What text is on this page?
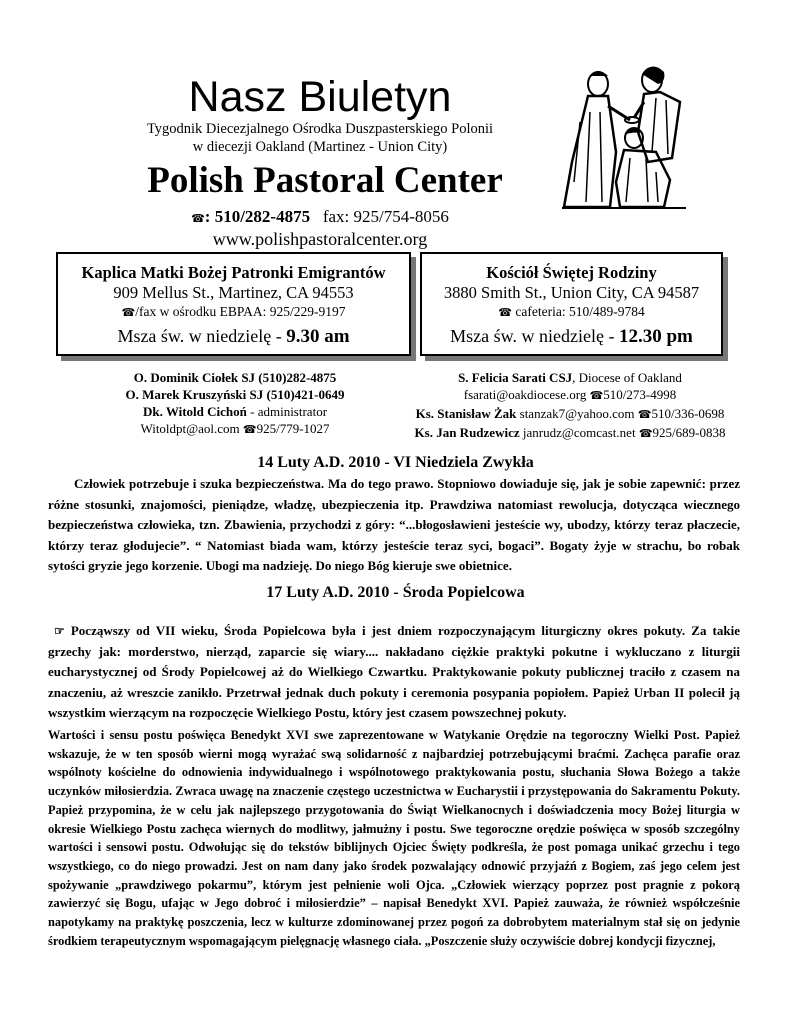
Nasz Biuletyn
Tygodnik Diecezjalnego Ośrodka Duszpasterskiego Polonii
w diecezji Oakland (Martinez - Union City)
Polish Pastoral Center
☎: 510/282-4875 fax: 925/754-8056
www.polishpastoralcenter.org
Kaplica Matki Bożej Patronki Emigrantów
909 Mellus St., Martinez, CA 94553
☎/fax w ośrodku EBPAA: 925/229-9197
Msza św. w niedzielę - 9.30 am
Kościół Świętej Rodziny
3880 Smith St., Union City, CA 94587
☎ cafeteria: 510/489-9784
Msza św. w niedzielę - 12.30 pm
O. Dominik Ciołek SJ (510)282-4875
O. Marek Kruszyński SJ (510)421-0649
Dk. Witold Cichoń - administrator
Witoldpt@aol.com ☎925/779-1027
S. Felicia Sarati CSJ, Diocese of Oakland
fsarati@oakdiocese.org ☎510/273-4998
Ks. Stanisław Żak stanzak7@yahoo.com ☎510/336-0698
Ks. Jan Rudzewicz janrudz@comcast.net ☎925/689-0838
14 Luty A.D. 2010 - VI Niedziela Zwykła
Człowiek potrzebuje i szuka bezpieczeństwa. Ma do tego prawo. Stopniowo dowiaduje się, jak je sobie zapewnić: przez różne stosunki, znajomości, pieniądze, władzę, ubezpieczenia itp. Prawdziwa natomiast rewolucja, dotycząca wiecznego bezpieczeństwa człowieka, tzn. Zbawienia, przychodzi z góry: “...błogosławieni jesteście wy, ubodzy, którzy teraz płaczecie, którzy teraz głodujecie”. “ Natomiast biada wam, którzy jesteście teraz syci, bogaci”. Bogaty żyje w strachu, bo robak sytości gryzie jego korzenie. Ubogi ma nadzieję. Do niego Bóg kieruje swe obietnice.
17 Luty A.D. 2010 - Środa Popielcowa
☞ Począwszy od VII wieku, Środa Popielcowa była i jest dniem rozpoczynającym liturgiczny okres pokuty. Za takie grzechy jak: morderstwo, nierząd, zaparcie się wiary.... nakładano ciężkie praktyki pokutne i wykluczano z liturgii eucharystycznej od Środy Popielcowej aż do Wielkiego Czwartku. Praktykowanie pokuty publicznej traciło z czasem na znaczeniu, aż wreszcie zanikło. Przetrwał jednak duch pokuty i ceremonia posypania popiołem. Papież Urban II polecił ją wszystkim wierzącym na rozpoczęcie Wielkiego Postu, który jest czasem powszechnej pokuty.
Wartości i sensu postu poświęca Benedykt XVI swe zaprezentowane w Watykanie Orędzie na tegoroczny Wielki Post. Papież wskazuje, że w ten sposób wierni mogą wyrażać swą solidarność z najbardziej potrzebującymi braćmi. Zachęca parafie oraz wspólnoty kościelne do odnowienia indywidualnego i wspólnotowego praktykowania postu, słuchania Słowa Bożego a także uczynków miłosierdzia. Zwraca uwagę na znaczenie częstego uczestnictwa w Eucharystii i przystępowania do Sakramentu Pokuty. Papież przypomina, że w celu jak najlepszego przygotowania do Świąt Wielkanocnych i doświadczenia mocy Bożej liturgia w okresie Wielkiego Postu zachęca wiernych do modlitwy, jałmużny i postu. Swe tegoroczne orędzie poświęca w sposób szczególny wartości i sensowi postu. Odwołując się do tekstów biblijnych Ojciec Święty podkreśla, że post pomaga unikać grzechu i tego wszystkiego, co do niego prowadzi. Jest on nam dany jako środek pozwalający odnowić przyjaźń z Bogiem, zaś jego celem jest spożywanie „prawdziwego pokarmu”, którym jest pełnienie woli Ojca. „Człowiek wierzący poprzez post pragnie z pokorą zawierzyć się Bogu, ufając w Jego dobroć i miłosierdzie” – napisał Benedykt XVI. Papież zauważa, że również współcześnie napotykamy na praktykę poszczenia, lecz w kulturze zdominowanej przez pogoń za dobrobytem materialnym stał się on jedynie środkiem terapeutycznym wspomagającym pielęgnację własnego ciała. „Poszczenie służy oczywiście dobrej kondycji fizycznej,
